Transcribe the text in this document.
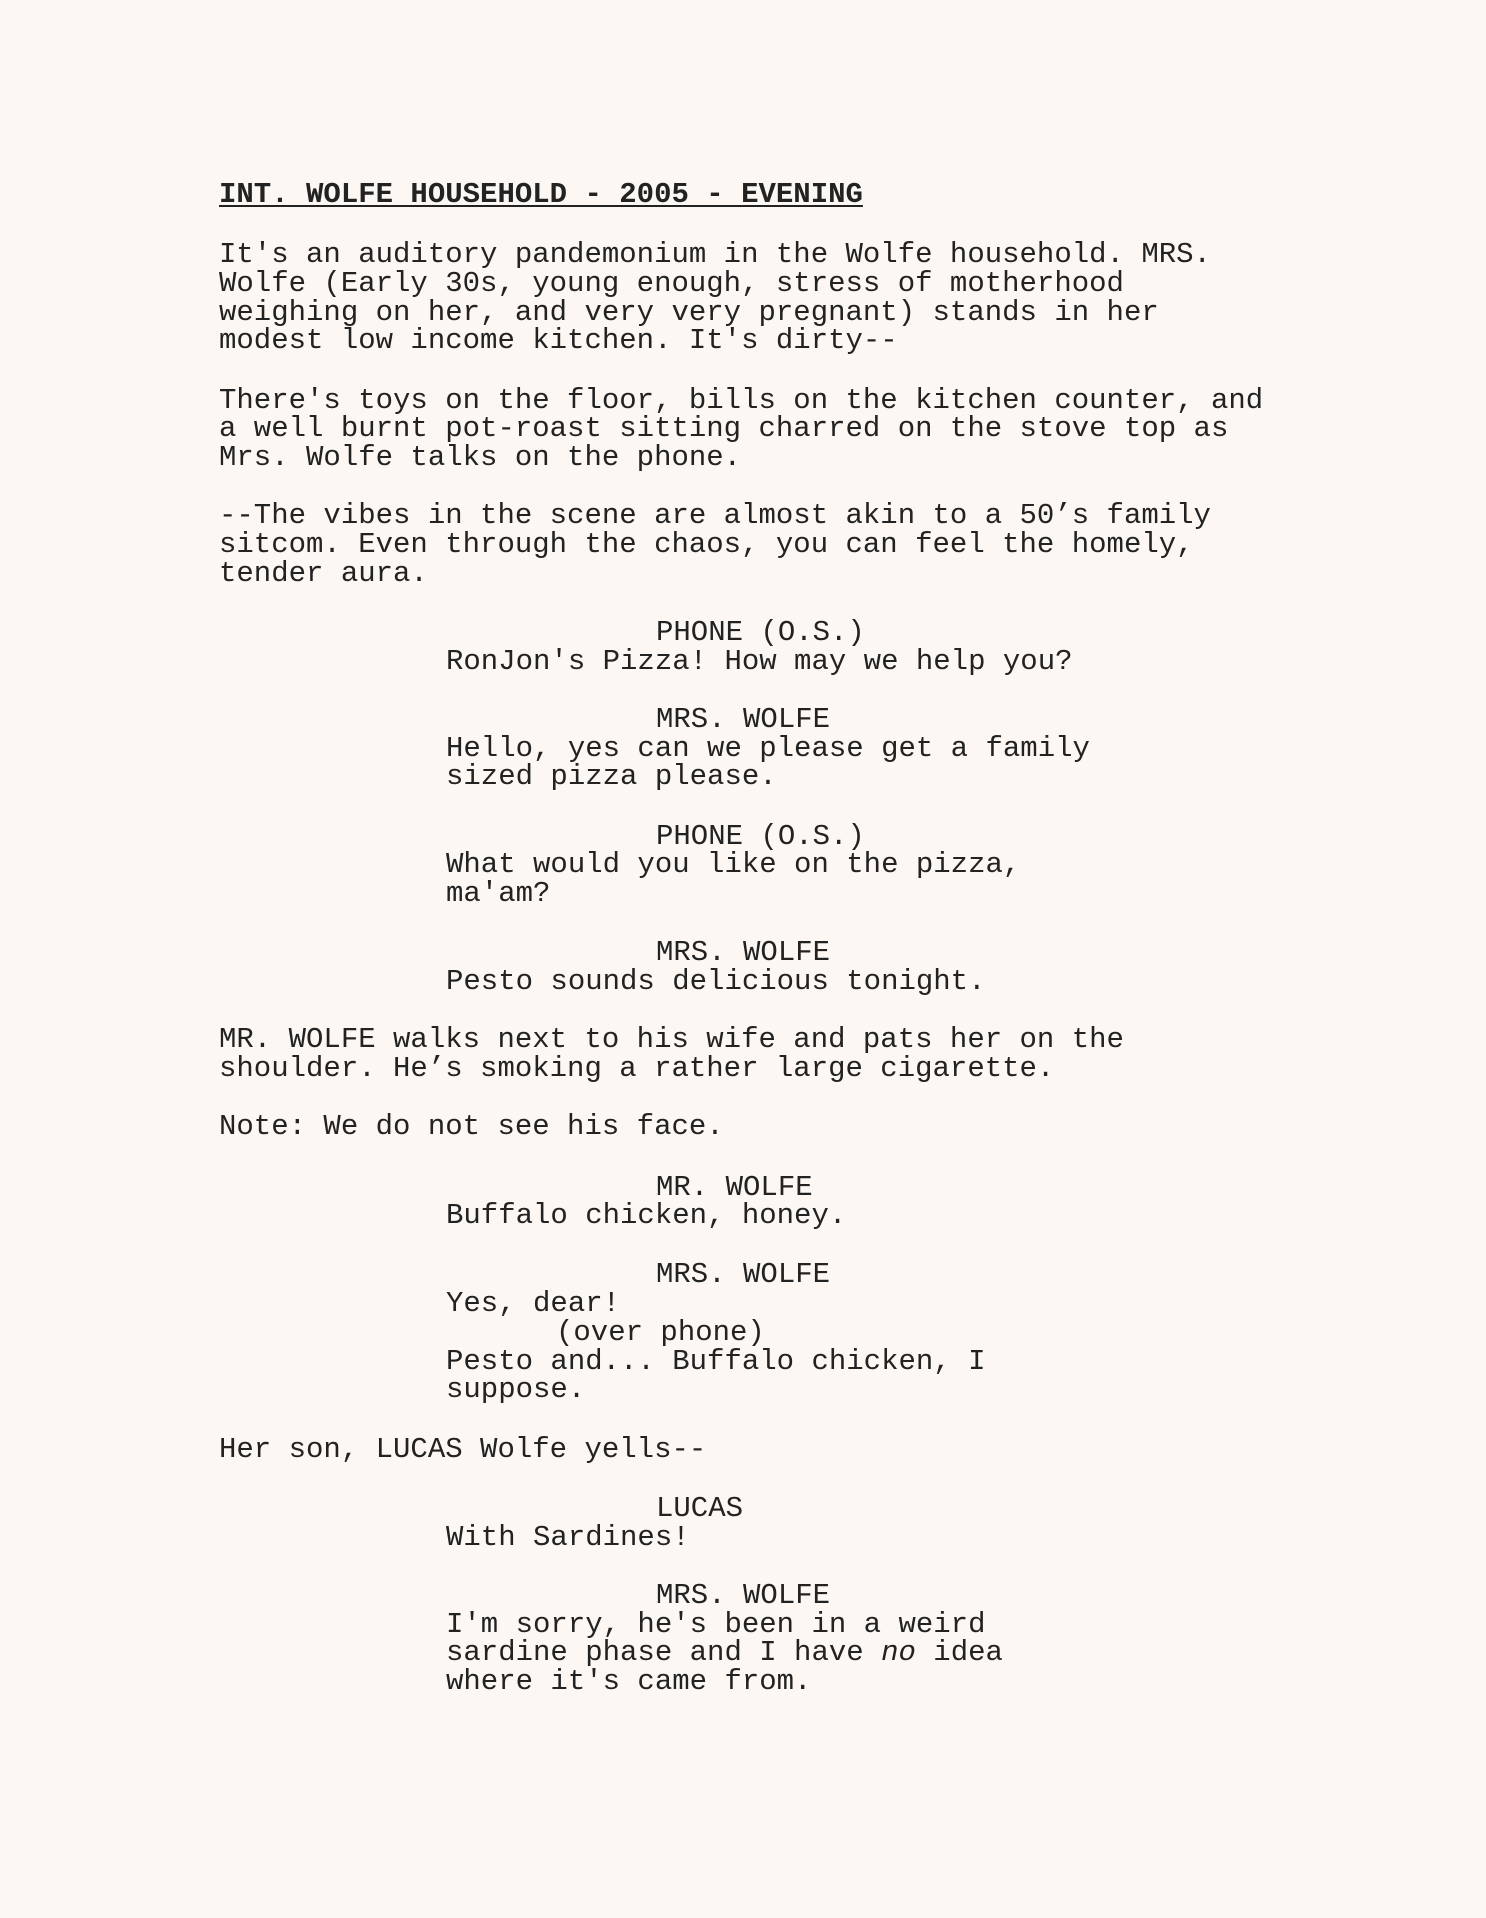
INT. WOLFE HOUSEHOLD - 2005 - EVENING
It's an auditory pandemonium in the Wolfe household. MRS.
Wolfe (Early 30s, young enough, stress of motherhood
weighing on her, and very very pregnant) stands in her
modest low income kitchen. It's dirty--
There's toys on the floor, bills on the kitchen counter, and
a well burnt pot-roast sitting charred on the stove top as
Mrs. Wolfe talks on the phone.
--The vibes in the scene are almost akin to a 50’s family
sitcom. Even through the chaos, you can feel the homely,
tender aura.
PHONE (O.S.)
RonJon's Pizza! How may we help you?
MRS. WOLFE
Hello, yes can we please get a family
sized pizza please.
PHONE (O.S.)
What would you like on the pizza,
ma'am?
MRS. WOLFE
Pesto sounds delicious tonight.
MR. WOLFE walks next to his wife and pats her on the
shoulder. He’s smoking a rather large cigarette.
Note: We do not see his face.
MR. WOLFE
Buffalo chicken, honey.
MRS. WOLFE
Yes, dear!
(over phone)
Pesto and... Buffalo chicken, I
suppose.
Her son, LUCAS Wolfe yells--
LUCAS
With Sardines!
MRS. WOLFE
I'm sorry, he's been in a weird
sardine phase and I have no idea
where it's came from.
